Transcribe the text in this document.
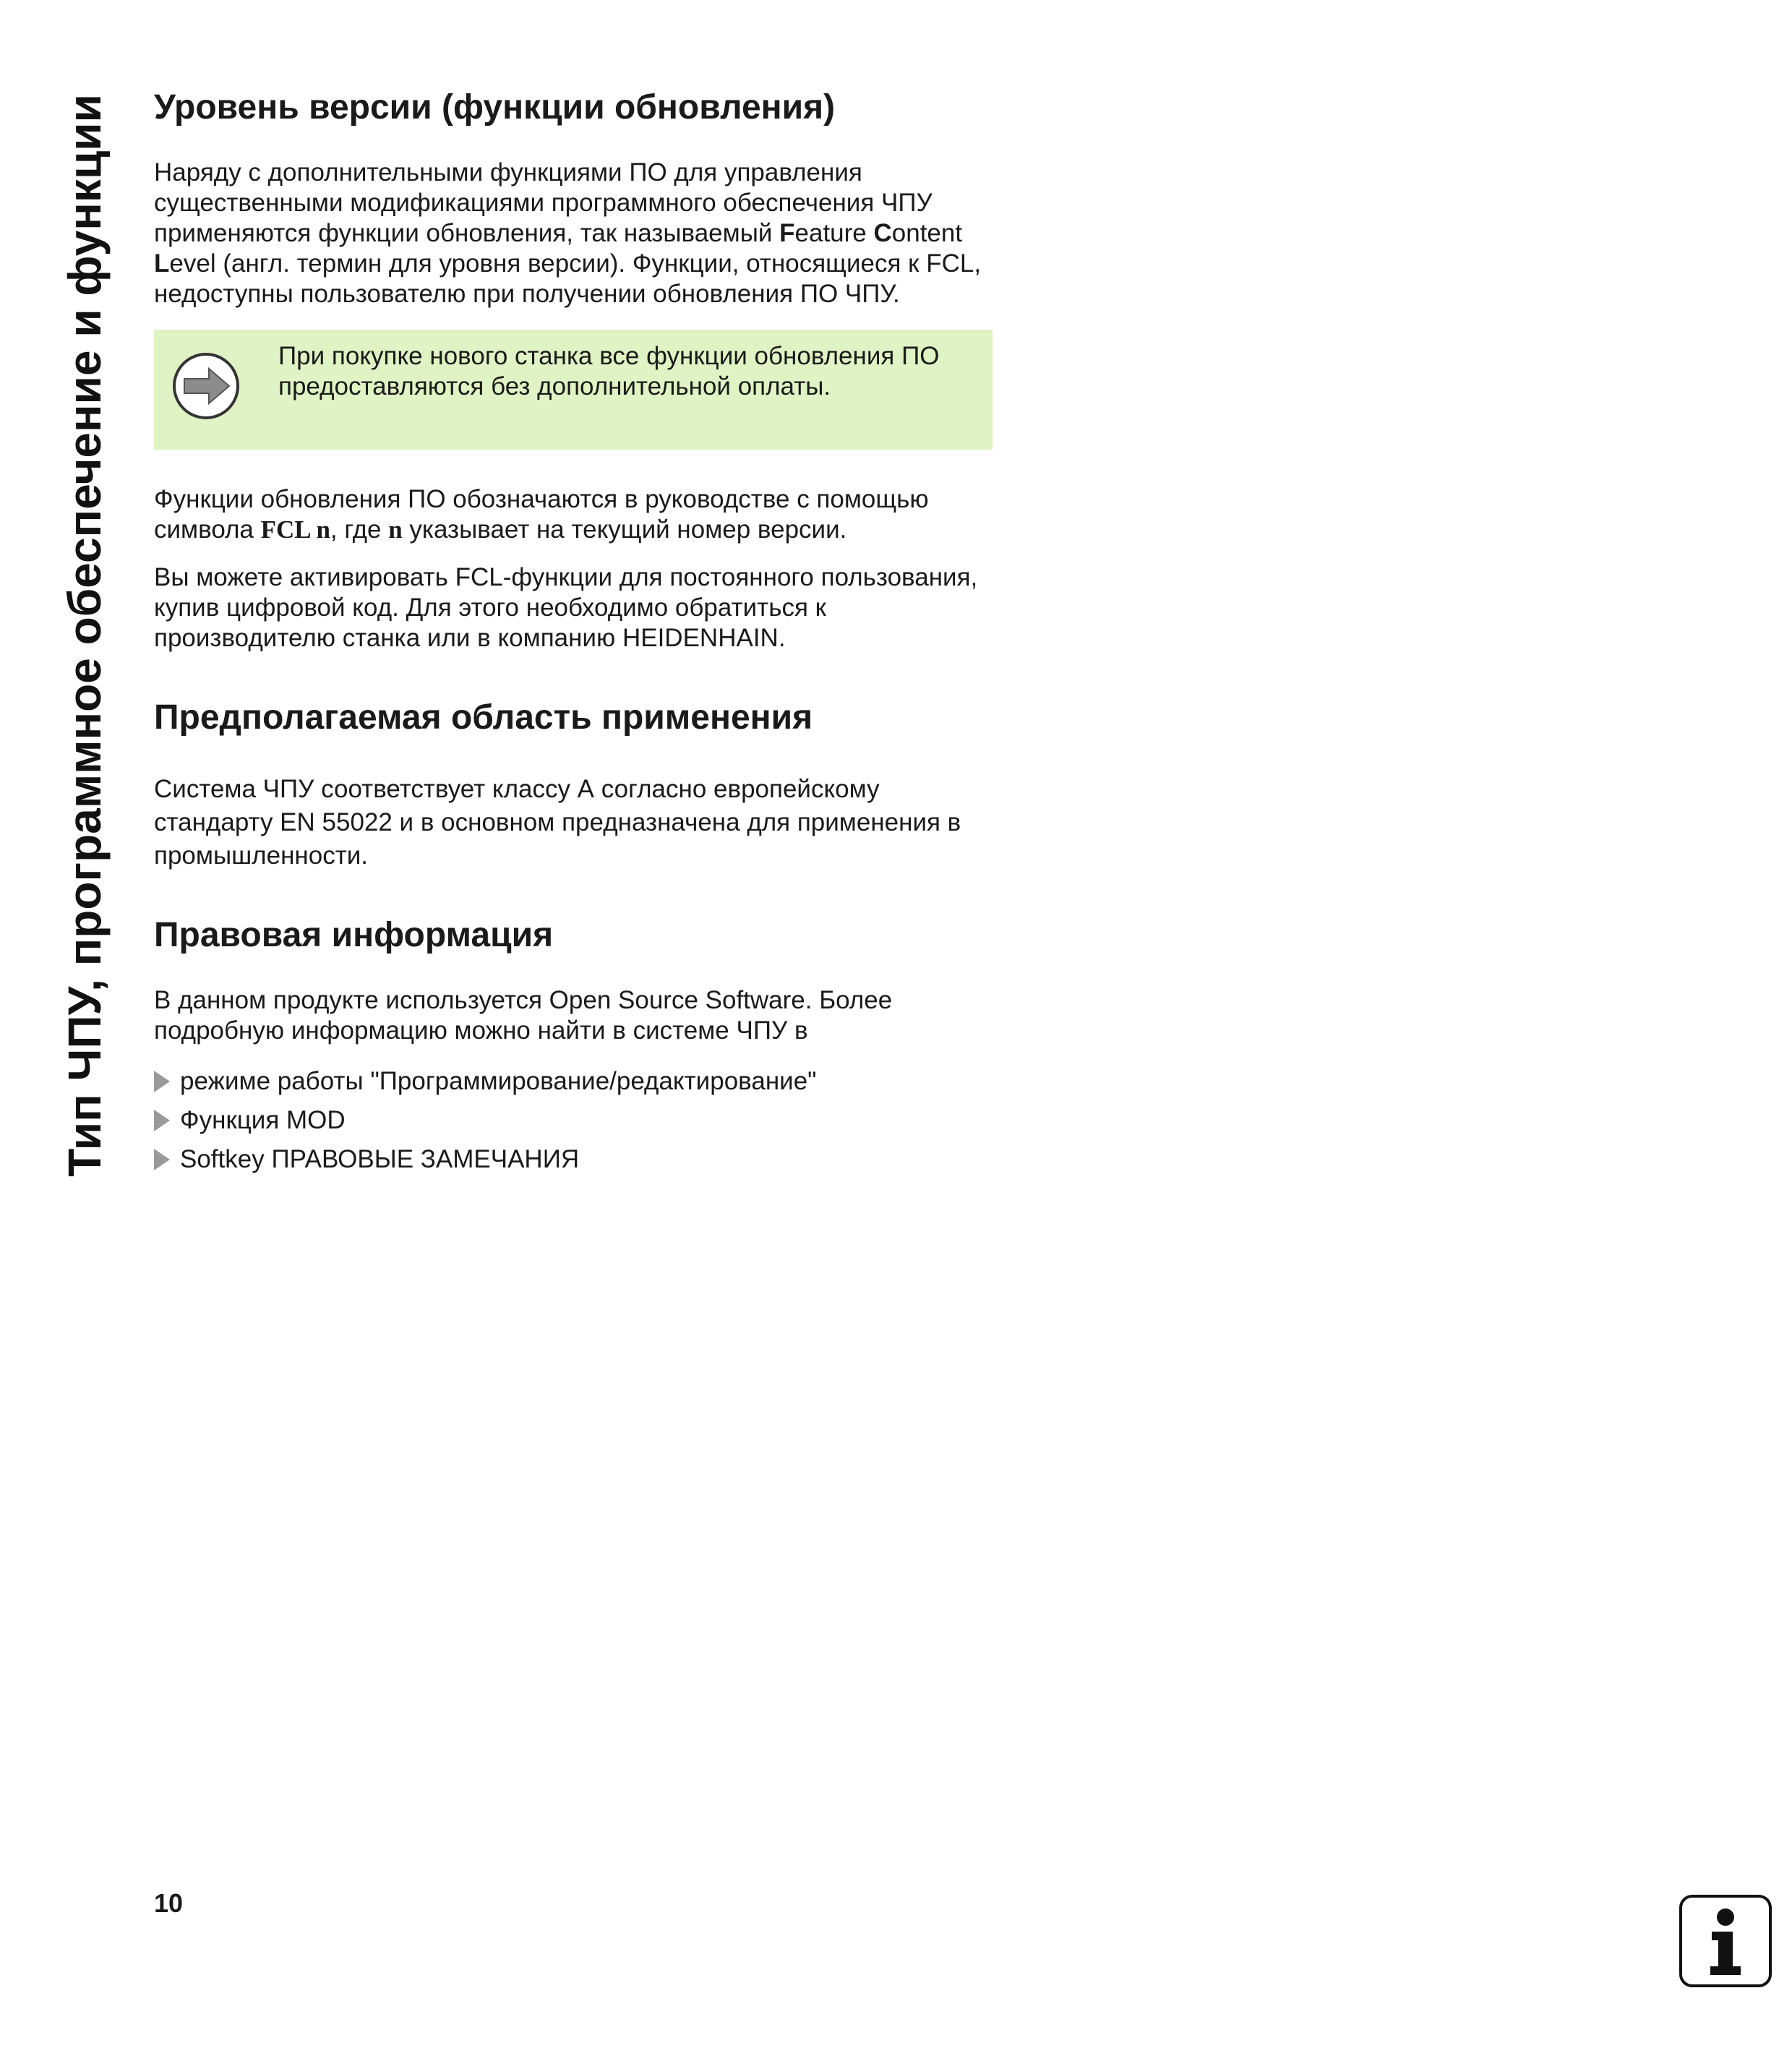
Тип ЧПУ, программное обеспечение и функции Уровень версии (функции обновления)

Наряду с дополнительными функциями ПО для управления существенными модификациями программного обеспечения ЧПУ применяются функции обновления, так называемый Feature Content Level (англ. термин для уровня версии). Функции, относящиеся к FCL, недоступны пользователю при получении обновления ПО ЧПУ.

При покупке нового станка все функции обновления ПО предоставляются без дополнительной оплаты.

Функции обновления ПО обозначаются в руководстве с помощью символа FCL n, где n указывает на текущий номер версии.

Вы можете активировать FCL-функции для постоянного пользования, купив цифровой код. Для этого необходимо обратиться к производителю станка или в компанию HEIDENHAIN.

Предполагаемая область применения

Система ЧПУ соответствует классу А согласно европейскому стандарту EN 55022 и в основном предназначена для применения в промышленности.

Правовая информация

В данном продукте используется Open Source Software. Более подробную информацию можно найти в системе ЧПУ в

режиме работы "Программирование/редактирование"
Функция MOD
Softkey ПРАВОВЫЕ ЗАМЕЧАНИЯ
10
